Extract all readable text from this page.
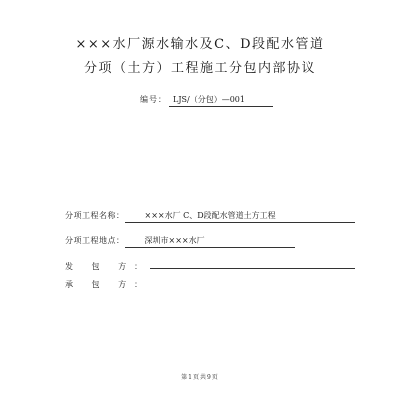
×××水厂源水输水及C、D段配水管道
分项（土方）工程施工分包内部协议
编号： LJS/（分包）—001
分项工程名称：	×××水厂 C、D段配水管道土方工程
分项工程地点：	深圳市×××水厂
发 包 方：
承 包 方：
第1页共9页
